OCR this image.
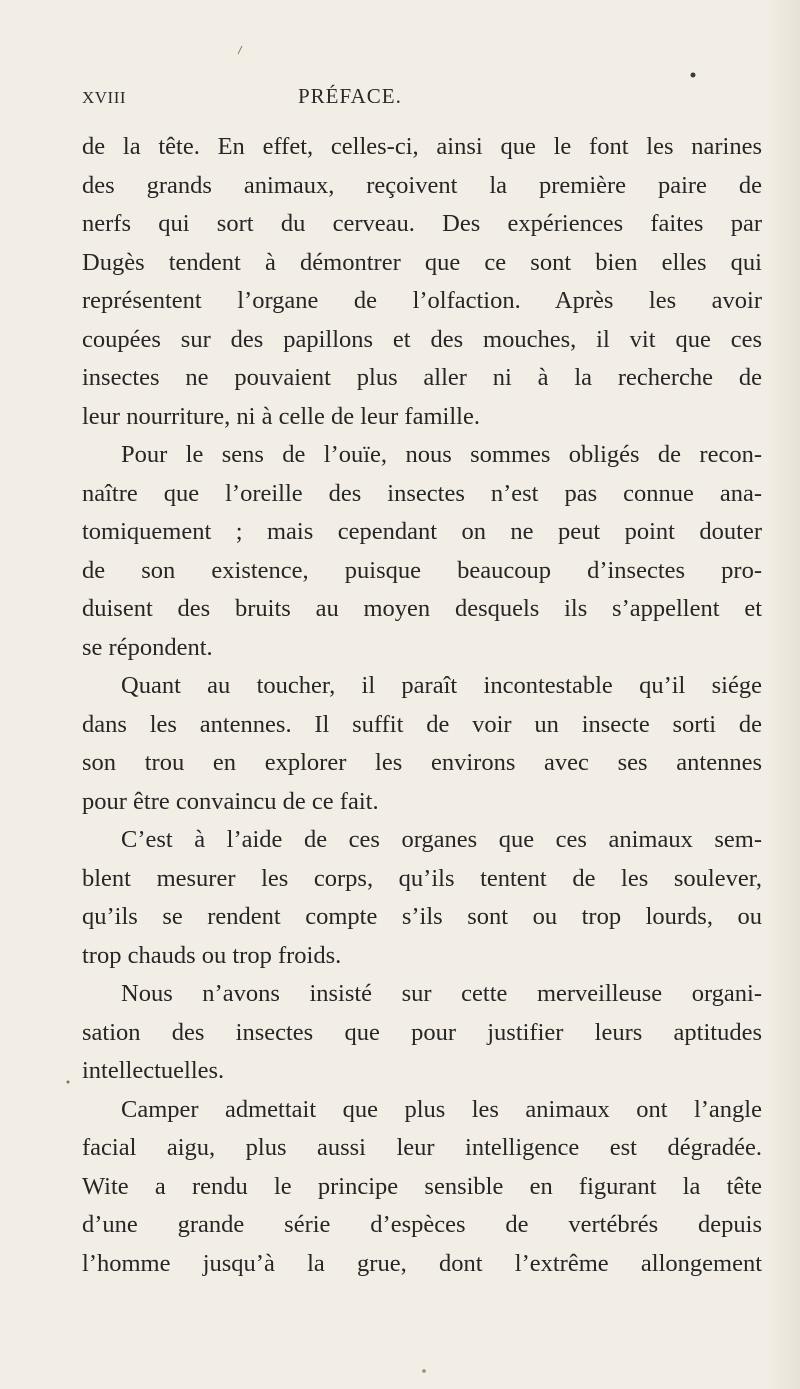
XVIII	PRÉFACE.
de la tête. En effet, celles-ci, ainsi que le font les narines
des grands animaux, reçoivent la première paire de
nerfs qui sort du cerveau. Des expériences faites par
Dugès tendent à démontrer que ce sont bien elles qui
représentent l’organe de l’olfaction. Après les avoir
coupées sur des papillons et des mouches, il vit que ces
insectes ne pouvaient plus aller ni à la recherche de
leur nourriture, ni à celle de leur famille.
Pour le sens de l’ouïe, nous sommes obligés de recon-
naître que l’oreille des insectes n’est pas connue ana-
tomiquement ; mais cependant on ne peut point douter
de son existence, puisque beaucoup d’insectes pro-
duisent des bruits au moyen desquels ils s’appellent et
se répondent.
Quant au toucher, il paraît incontestable qu’il siége
dans les antennes. Il suffit de voir un insecte sorti de
son trou en explorer les environs avec ses antennes
pour être convaincu de ce fait.
C’est à l’aide de ces organes que ces animaux sem-
blent mesurer les corps, qu’ils tentent de les soulever,
qu’ils se rendent compte s’ils sont ou trop lourds, ou
trop chauds ou trop froids.
Nous n’avons insisté sur cette merveilleuse organi-
sation des insectes que pour justifier leurs aptitudes
intellectuelles.
Camper admettait que plus les animaux ont l’angle
facial aigu, plus aussi leur intelligence est dégradée.
Wite a rendu le principe sensible en figurant la tête
d’une grande série d’espèces de vertébrés depuis
l’homme jusqu’à la grue, dont l’extrême allongement
